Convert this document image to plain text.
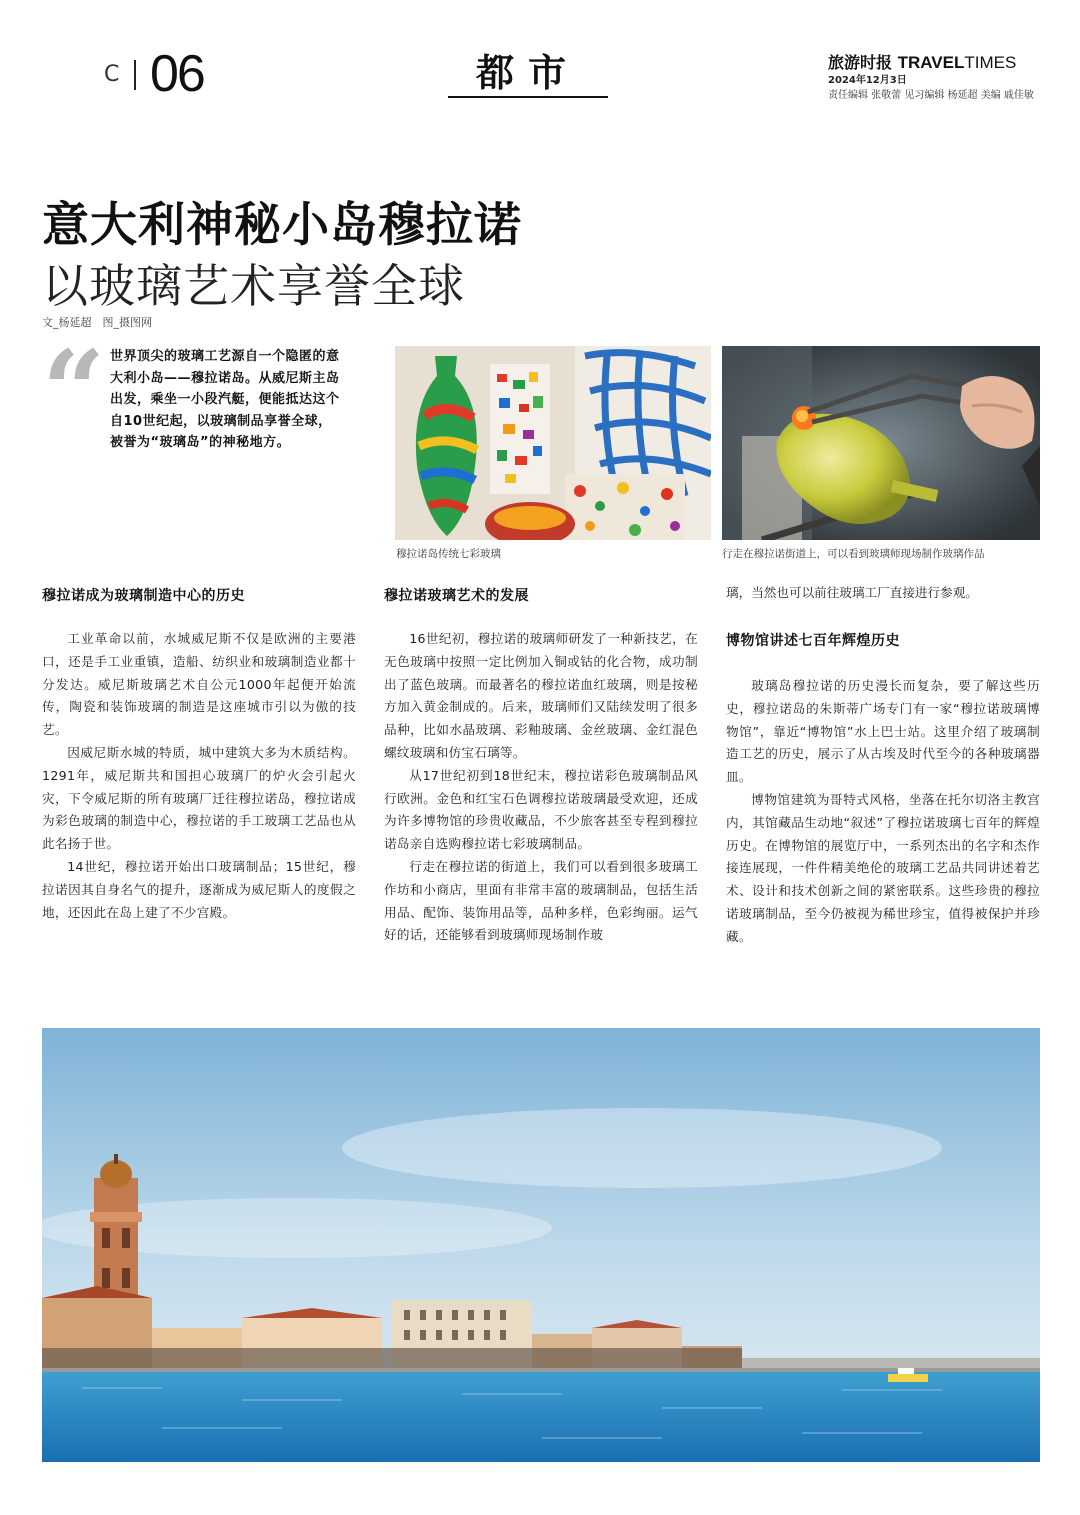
C 06	都市	旅游时报 TRAVELTIMES
2024年12月3日
责任编辑 张敬蕾 见习编辑 杨延超 美编 戚佳敏
意大利神秘小岛穆拉诺
以玻璃艺术享誉全球
文_杨延超　图_摄图网
“ 世界顶尖的玻璃工艺源自一个隐匿的意大利小岛——穆拉诺岛。从威尼斯主岛出发，乘坐一小段汽艇，便能抵达这个自10世纪起，以玻璃制品享誉全球，被誉为“玻璃岛”的神秘地方。
穆拉诺岛传统七彩玻璃	行走在穆拉诺街道上，可以看到玻璃师现场制作玻璃作品
穆拉诺成为玻璃制造中心的历史

工业革命以前，水城威尼斯不仅是欧洲的主要港口，还是手工业重镇，造船、纺织业和玻璃制造业都十分发达。威尼斯玻璃艺术自公元1000年起便开始流传，陶瓷和装饰玻璃的制造是这座城市引以为傲的技艺。

因威尼斯水城的特质，城中建筑大多为木质结构。1291年，威尼斯共和国担心玻璃厂的炉火会引起火灾，下令威尼斯的所有玻璃厂迁往穆拉诺岛，穆拉诺成为彩色玻璃的制造中心，穆拉诺的手工玻璃工艺品也从此名扬于世。

14世纪，穆拉诺开始出口玻璃制品；15世纪，穆拉诺因其自身名气的提升，逐渐成为威尼斯人的度假之地，还因此在岛上建了不少宫殿。

穆拉诺玻璃艺术的发展

16世纪初，穆拉诺的玻璃师研发了一种新技艺，在无色玻璃中按照一定比例加入铜或钴的化合物，成功制出了蓝色玻璃。而最著名的穆拉诺血红玻璃，则是按秘方加入黄金制成的。后来，玻璃师们又陆续发明了很多品种，比如水晶玻璃、彩釉玻璃、金丝玻璃、金红混色螺纹玻璃和仿宝石璃等。

从17世纪初到18世纪末，穆拉诺彩色玻璃制品风行欧洲。金色和红宝石色调穆拉诺玻璃最受欢迎，还成为许多博物馆的珍贵收藏品，不少旅客甚至专程到穆拉诺岛亲自选购穆拉诺七彩玻璃制品。

行走在穆拉诺的街道上，我们可以看到很多玻璃工作坊和小商店，里面有非常丰富的玻璃制品，包括生活用品、配饰、装饰用品等，品种多样，色彩绚丽。运气好的话，还能够看到玻璃师现场制作玻

璃，当然也可以前往玻璃工厂直接进行参观。
博物馆讲述七百年辉煌历史

玻璃岛穆拉诺的历史漫长而复杂，要了解这些历史，穆拉诺岛的朱斯蒂广场专门有一家“穆拉诺玻璃博物馆”，靠近“博物馆”水上巴士站。这里介绍了玻璃制造工艺的历史，展示了从古埃及时代至今的各种玻璃器皿。

博物馆建筑为哥特式风格，坐落在托尔切洛主教宫内，其馆藏品生动地“叙述”了穆拉诺玻璃七百年的辉煌历史。在博物馆的展览厅中，一系列杰出的名字和杰作接连展现，一件件精美绝伦的玻璃工艺品共同讲述着艺术、设计和技术创新之间的紧密联系。这些珍贵的穆拉诺玻璃制品，至今仍被视为稀世珍宝，值得被保护并珍藏。
